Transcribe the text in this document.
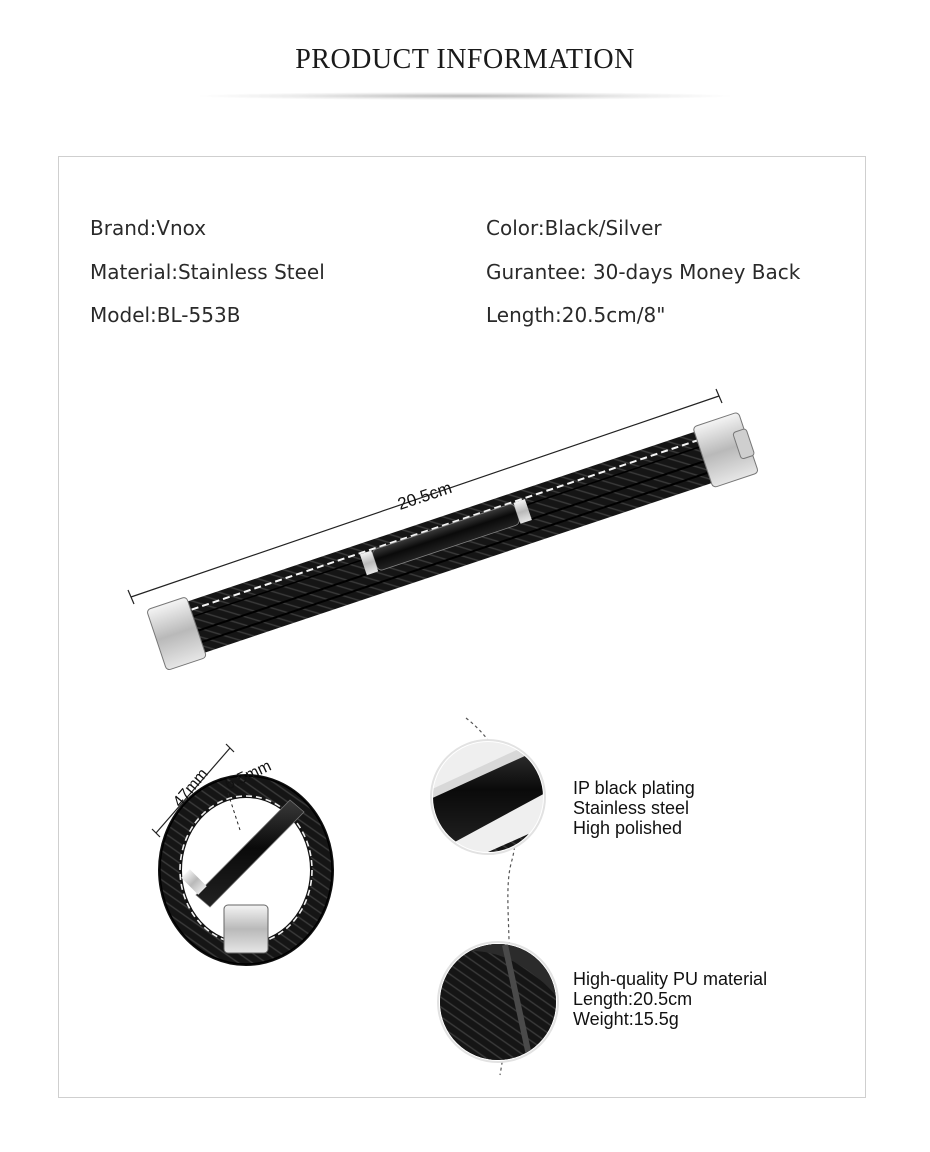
PRODUCT INFORMATION
Brand:Vnox
Material:Stainless Steel
Model:BL-553B
Color:Black/Silver
Gurantee: 30-days Money Back
Length:20.5cm/8"
20.5cm
47mm 6.5mm	IP black plating
Stainless steel
High polished
High-quality PU material
Length:20.5cm
Weight:15.5g
